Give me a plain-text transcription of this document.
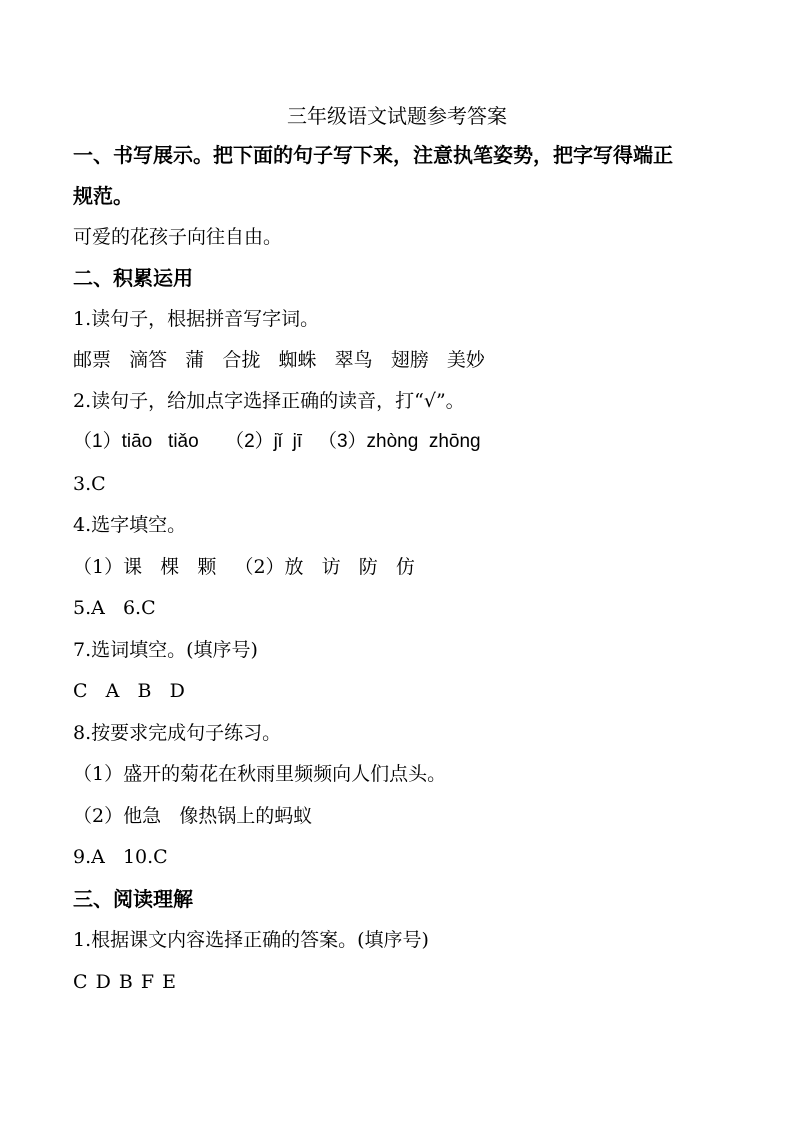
三年级语文试题参考答案
一、书写展示。把下面的句子写下来，注意执笔姿势，把字写得端正
规范。
可爱的花孩子向往自由。
二、积累运用
1.读句子，根据拼音写字词。
邮票   滴答   蒲   合拢   蜘蛛   翠鸟   翅膀   美妙
2.读句子，给加点字选择正确的读音，打“√”。
（1）tiāo   tiǎo     （2）jǐ  jī   （3）zhòng  zhōng
3.C
4.选字填空。
（1）课   棵   颗   （2）放   访   防   仿
5.A   6.C
7.选词填空。(填序号)
C   A   B   D
8.按要求完成句子练习。
（1）盛开的菊花在秋雨里频频向人们点头。
（2）他急   像热锅上的蚂蚁
9.A   10.C
三、阅读理解
1.根据课文内容选择正确的答案。(填序号)
C D B F E
